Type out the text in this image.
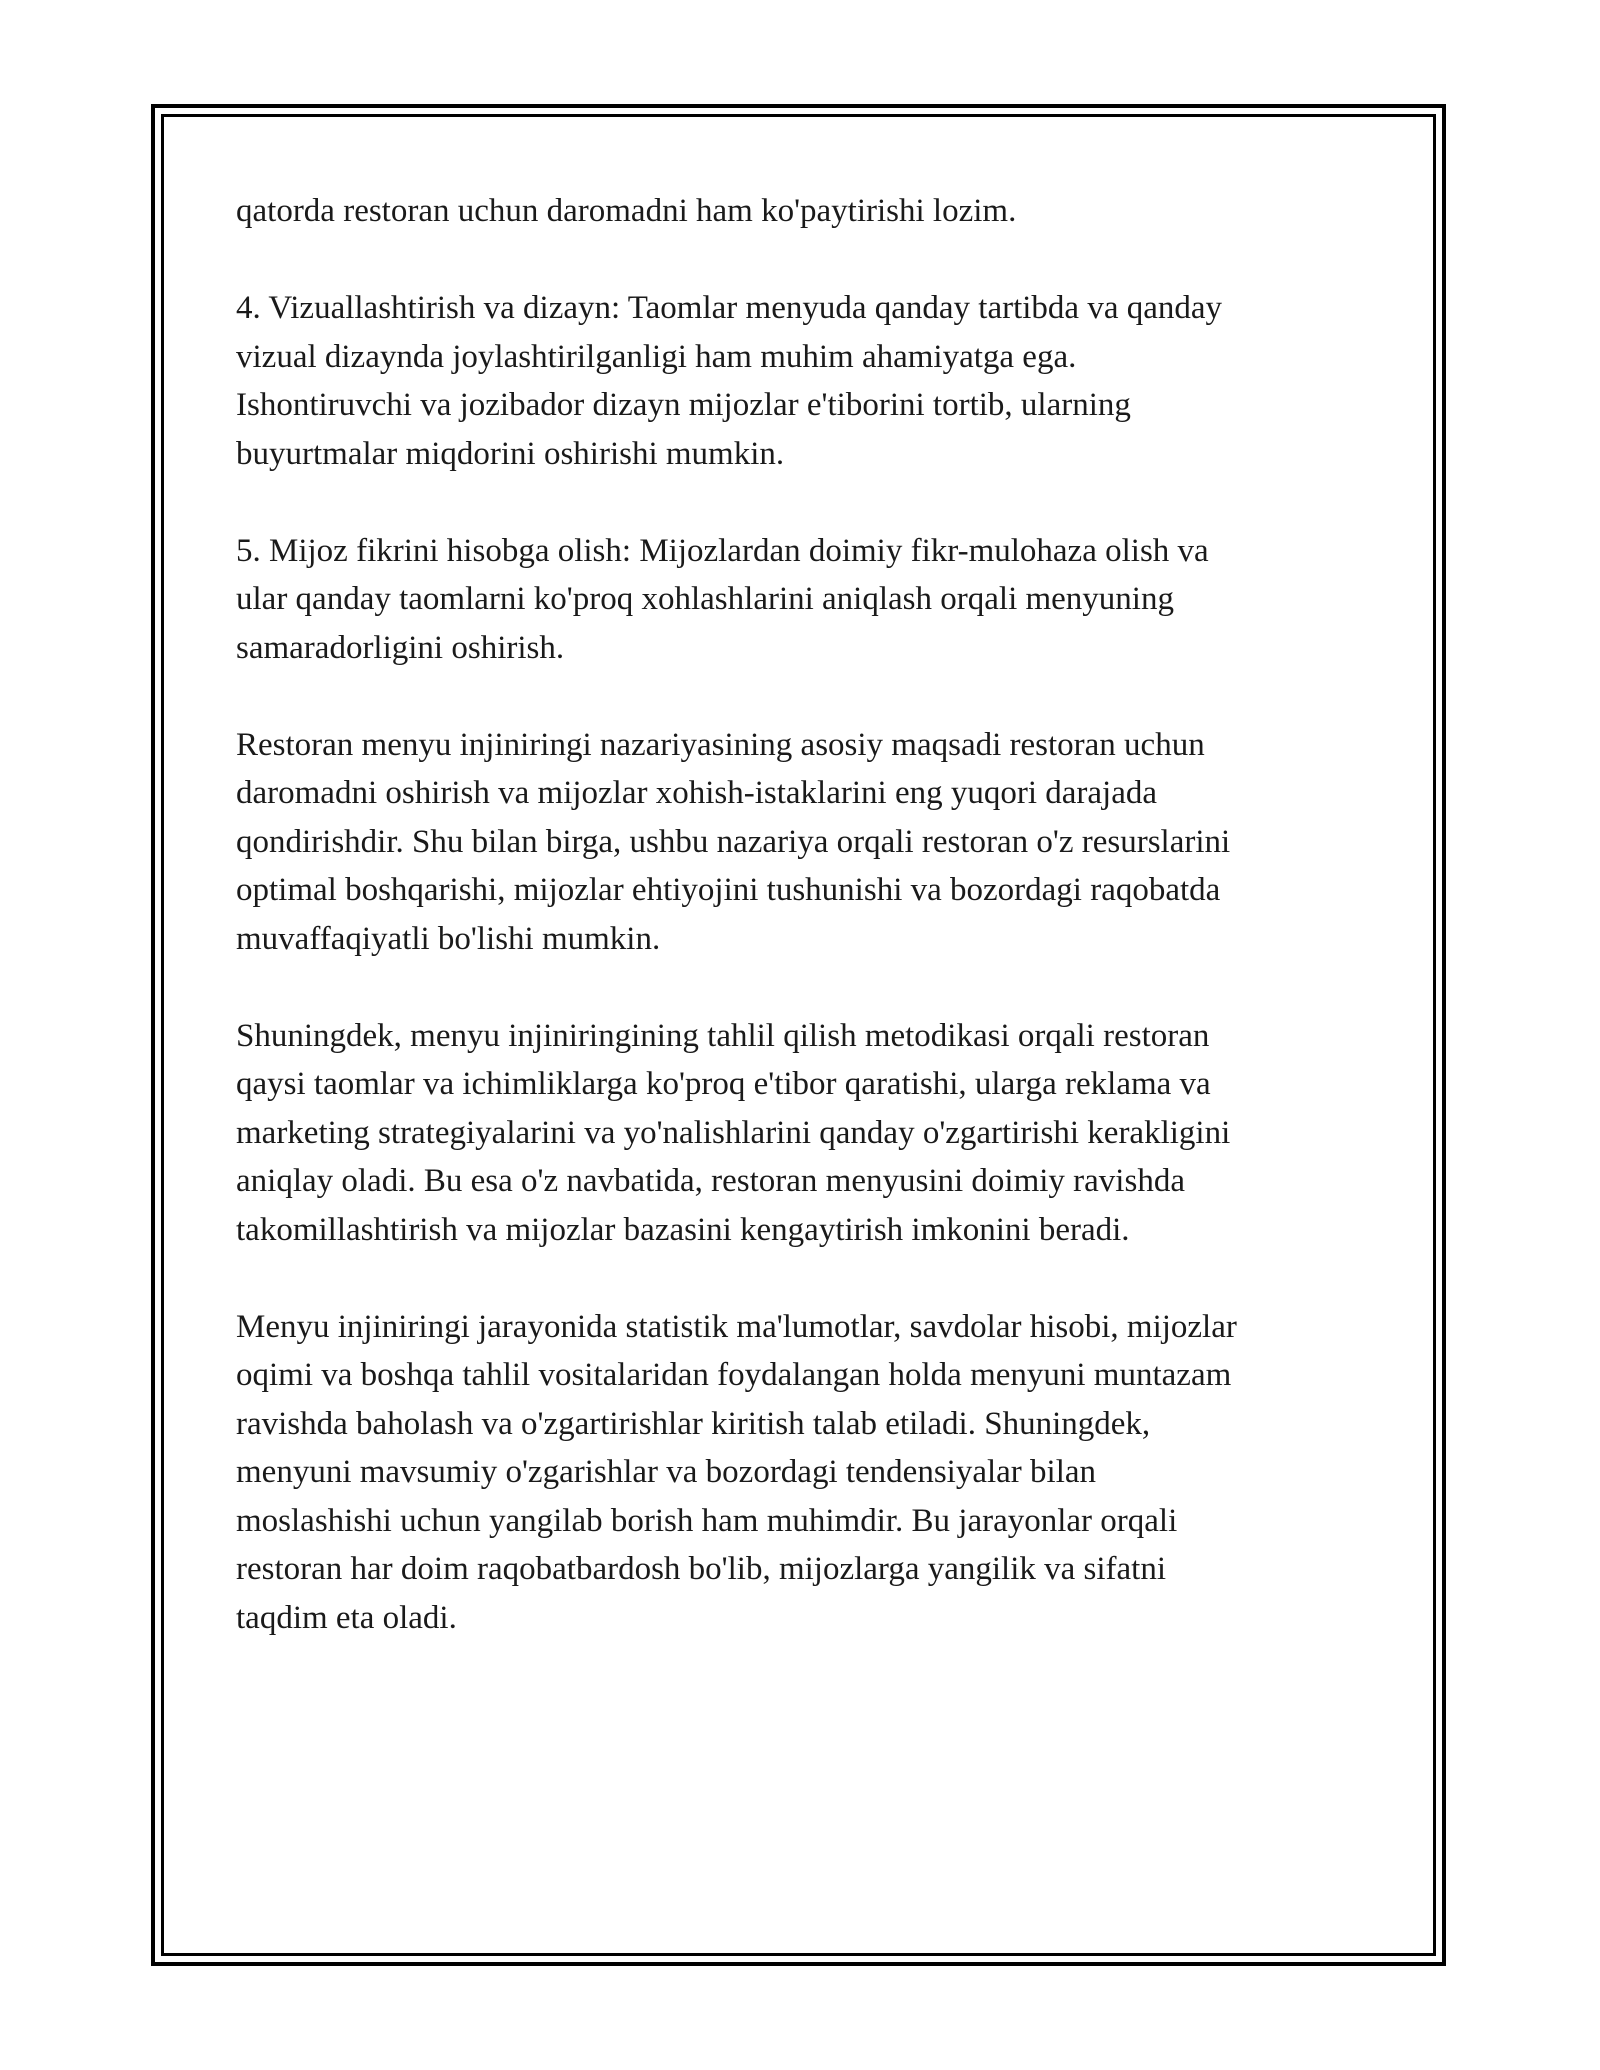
qatorda restoran uchun daromadni ham ko'paytirishi lozim.

4. Vizuallashtirish va dizayn: Taomlar menyuda qanday tartibda va qanday
vizual dizaynda joylashtirilganligi ham muhim ahamiyatga ega.
Ishontiruvchi va jozibador dizayn mijozlar e'tiborini tortib, ularning
buyurtmalar miqdorini oshirishi mumkin.

5. Mijoz fikrini hisobga olish: Mijozlardan doimiy fikr-mulohaza olish va
ular qanday taomlarni ko'proq xohlashlarini aniqlash orqali menyuning
samaradorligini oshirish.

Restoran menyu injiniringi nazariyasining asosiy maqsadi restoran uchun
daromadni oshirish va mijozlar xohish-istaklarini eng yuqori darajada
qondirishdir. Shu bilan birga, ushbu nazariya orqali restoran o'z resurslarini
optimal boshqarishi, mijozlar ehtiyojini tushunishi va bozordagi raqobatda
muvaffaqiyatli bo'lishi mumkin.

Shuningdek, menyu injiniringining tahlil qilish metodikasi orqali restoran
qaysi taomlar va ichimliklarga ko'proq e'tibor qaratishi, ularga reklama va
marketing strategiyalarini va yo'nalishlarini qanday o'zgartirishi kerakligini
aniqlay oladi. Bu esa o'z navbatida, restoran menyusini doimiy ravishda
takomillashtirish va mijozlar bazasini kengaytirish imkonini beradi.

Menyu injiniringi jarayonida statistik ma'lumotlar, savdolar hisobi, mijozlar
oqimi va boshqa tahlil vositalaridan foydalangan holda menyuni muntazam
ravishda baholash va o'zgartirishlar kiritish talab etiladi. Shuningdek,
menyuni mavsumiy o'zgarishlar va bozordagi tendensiyalar bilan
moslashishi uchun yangilab borish ham muhimdir. Bu jarayonlar orqali
restoran har doim raqobatbardosh bo'lib, mijozlarga yangilik va sifatni
taqdim eta oladi.
